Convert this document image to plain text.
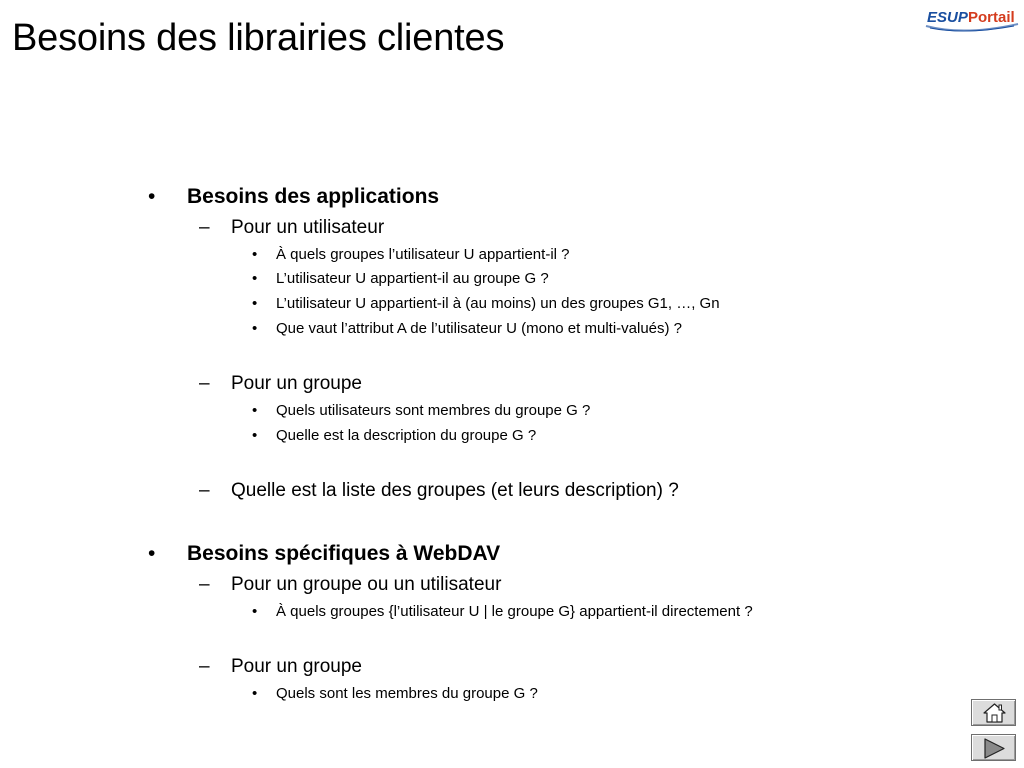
Besoins des librairies clientes	ESUP Portail
• Besoins des applications
– Pour un utilisateur
• À quels groupes l’utilisateur U appartient-il ?
• L’utilisateur U appartient-il au groupe G ?
• L’utilisateur U appartient-il à (au moins) un des groupes G1, …, Gn
• Que vaut l’attribut A de l’utilisateur U (mono et multi-valués) ?
– Pour un groupe
• Quels utilisateurs sont membres du groupe G ?
• Quelle est la description du groupe G ?
– Quelle est la liste des groupes (et leurs description) ?
• Besoins spécifiques à WebDAV
– Pour un groupe ou un utilisateur
• À quels groupes {l’utilisateur U | le groupe G} appartient-il directement ?
– Pour un groupe
• Quels sont les membres du groupe G ?
